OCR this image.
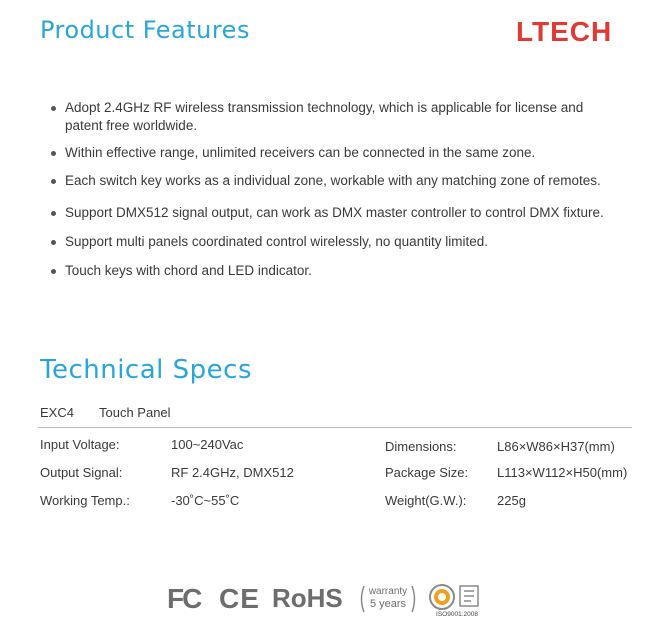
Product Features	LTECH
Adopt 2.4GHz RF wireless transmission technology, which is applicable for license and
patent free worldwide.
Within effective range, unlimited receivers can be connected in the same zone.
Each switch key works as a individual zone, workable with any matching zone of remotes.
Support DMX512 signal output, can work as DMX master controller to control DMX fixture.
Support multi panels coordinated control wirelessly, no quantity limited.
Touch keys with chord and LED indicator.
Technical Specs
EXC4 Touch Panel
Input Voltage:	100~240Vac	Dimensions:	L86×W86×H37(mm)
Output Signal:	RF 2.4GHz, DMX512	Package Size: L113×W112×H50(mm)
Working Temp.:	-30˚C~55˚C	Weight(G.W.): 225g
FC CE RoHS	warranty
5 years
ISO9001:2008
